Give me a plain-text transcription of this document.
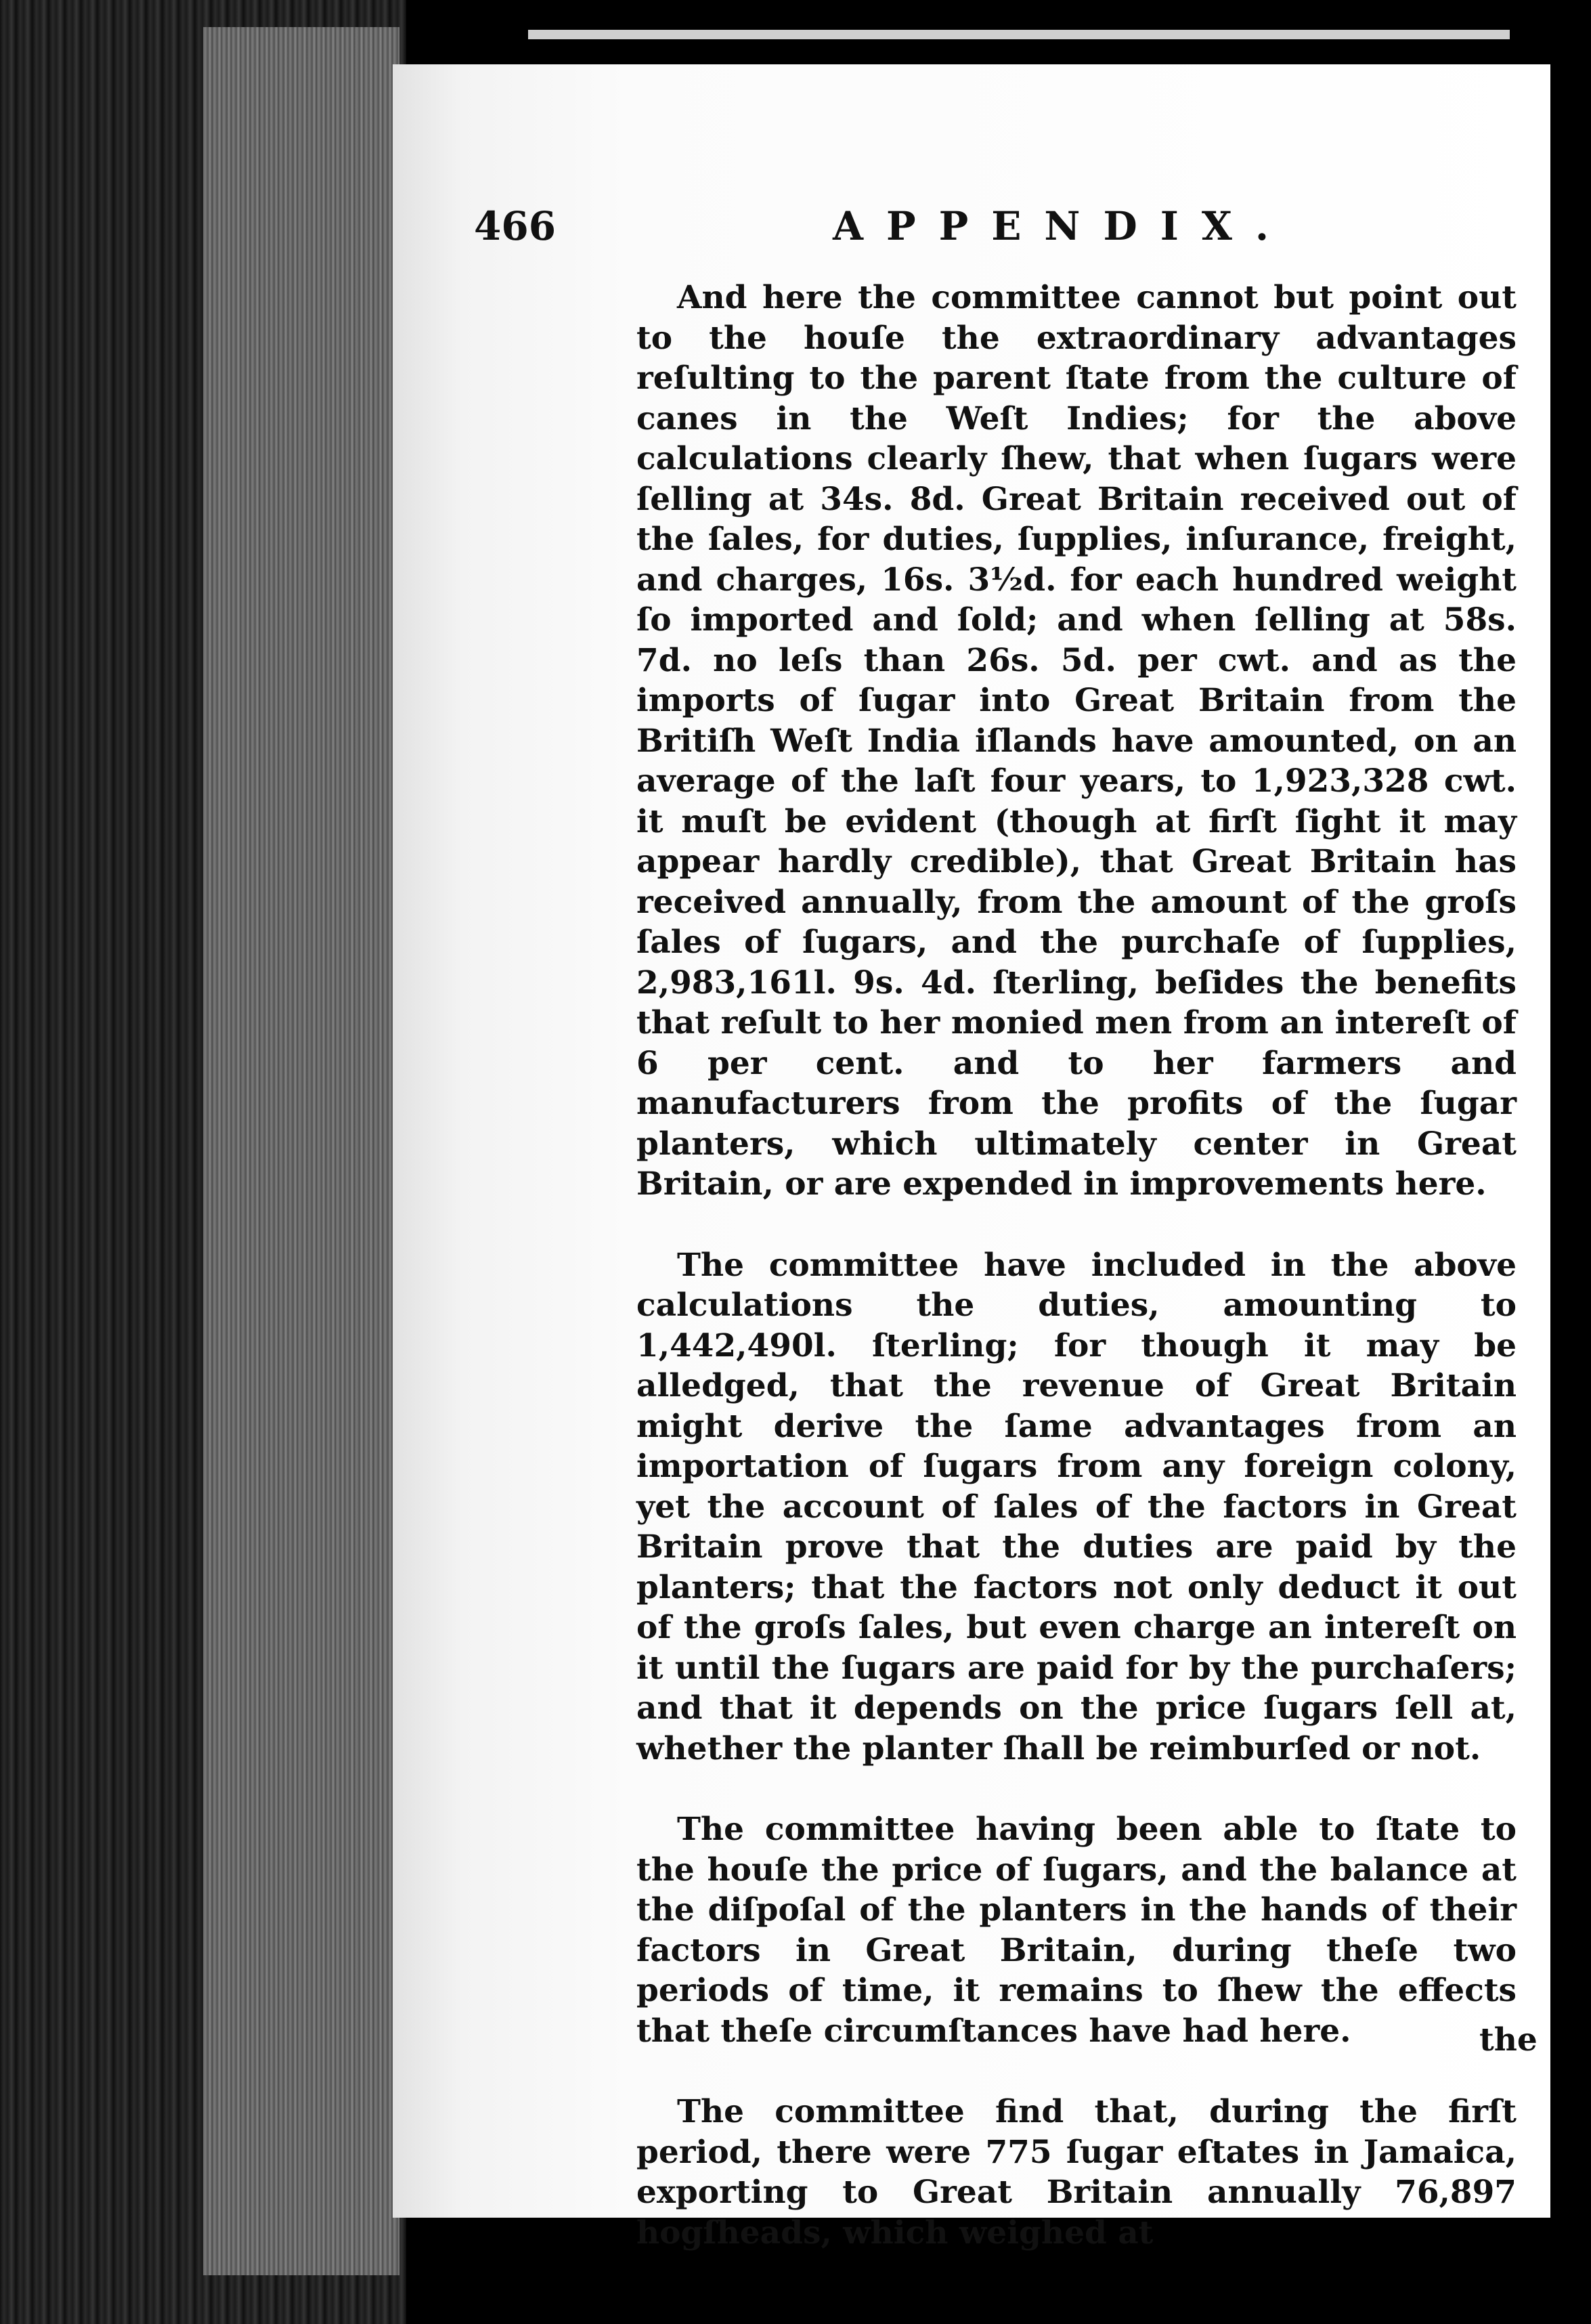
466	APPENDIX.

And here the committee cannot but point out to the houſe the extraordinary advantages reſulting to the parent ſtate from the culture of canes in the Weſt Indies; for the above calculations clearly ſhew, that when ſugars were ſelling at 34s. 8d. Great Britain received out of the ſales, for duties, ſupplies, inſurance, freight, and charges, 16s. 3½d. for each hundred weight ſo imported and ſold; and when ſelling at 58s. 7d. no leſs than 26s. 5d. per cwt. and as the imports of ſugar into Great Britain from the Britiſh Weſt India iſlands have amounted, on an average of the laſt four years, to 1,923,328 cwt. it muſt be evident (though at firſt ſight it may appear hardly credible), that Great Britain has received annually, from the amount of the groſs ſales of ſugars, and the purchaſe of ſupplies, 2,983,161l. 9s. 4d. ſterling, beſides the benefits that reſult to her monied men from an intereſt of 6 per cent. and to her farmers and manufacturers from the profits of the ſugar planters, which ultimately center in Great Britain, or are expended in improvements here.

The committee have included in the above calculations the duties, amounting to 1,442,490l. ſterling; for though it may be alledged, that the revenue of Great Britain might derive the ſame advantages from an importation of ſugars from any foreign colony, yet the account of ſales of the factors in Great Britain prove that the duties are paid by the planters; that the factors not only deduct it out of the groſs ſales, but even charge an intereſt on it until the ſugars are paid for by the purchaſers; and that it depends on the price ſugars ſell at, whether the planter ſhall be reimburſed or not.

The committee having been able to ſtate to the houſe the price of ſugars, and the balance at the diſpoſal of the planters in the hands of their factors in Great Britain, during theſe two periods of time, it remains to ſhew the effects that theſe circumſtances have had here.

The committee find that, during the firſt period, there were 775 ſugar eſtates in Jamaica, exporting to Great Britain annually 76,897 hogſheads, which weighed at

the
